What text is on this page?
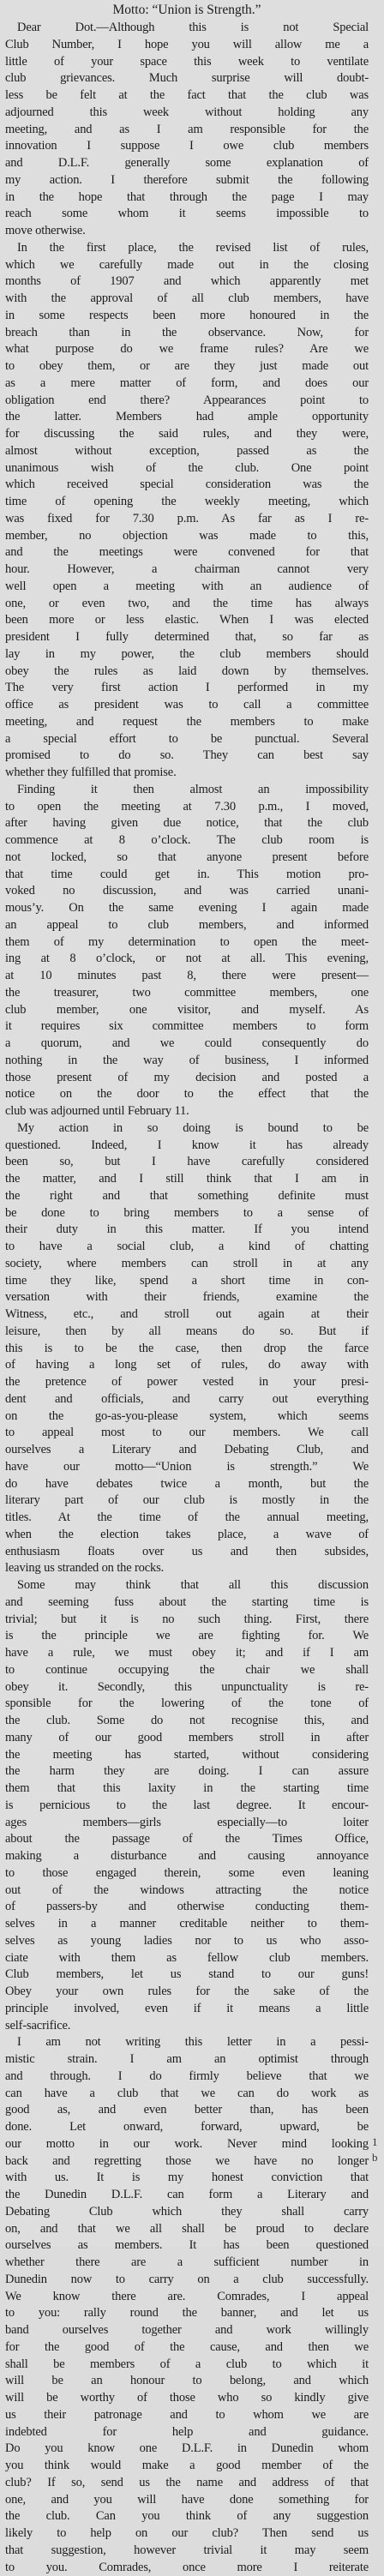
Motto: “Union is Strength.”
Dear Dot.—Although this is not Special
Club Number, I hope you will allow me a
little of your space this week to ventilate
club grievances. Much surprise will doubt-
less be felt at the fact that the club was
adjourned this week without holding any
meeting, and as I am responsible for the
innovation I suppose I owe club members
and D.L.F. generally some explanation of
my action. I therefore submit the following
in the hope that through the page I may
reach some whom it seems impossible to
move otherwise.
In the first place, the revised list of rules,
which we carefully made out in the closing
months of 1907 and which apparently met
with the approval of all club members, have
in some respects been more honoured in the
breach than in the observance. Now, for
what purpose do we frame rules? Are we
to obey them, or are they just made out
as a mere matter of form, and does our
obligation end there? Appearances point to
the latter. Members had ample opportunity
for discussing the said rules, and they were,
almost without exception, passed as the
unanimous wish of the club. One point
which received special consideration was the
time of opening the weekly meeting, which
was fixed for 7.30 p.m. As far as I re-
member, no objection was made to this,
and the meetings were convened for that
hour. However, a chairman cannot very
well open a meeting with an audience of
one, or even two, and the time has always
been more or less elastic. When I was elected
president I fully determined that, so far as
lay in my power, the club members should
obey the rules as laid down by themselves.
The very first action I performed in my
office as president was to call a committee
meeting, and request the members to make
a special effort to be punctual. Several
promised to do so. They can best say
whether they fulfilled that promise.
Finding it then almost an impossibility
to open the meeting at 7.30 p.m., I moved,
after having given due notice, that the club
commence at 8 o’clock. The club room is
not locked, so that anyone present before
that time could get in. This motion pro-
voked no discussion, and was carried unani-
mous’y. On the same evening I again made
an appeal to club members, and informed
them of my determination to open the meet-
ing at 8 o’clock, or not at all. This evening,
at 10 minutes past 8, there were present—
the treasurer, two committee members, one
club member, one visitor, and myself. As
it requires six committee members to form
a quorum, and we could consequently do
nothing in the way of business, I informed
those present of my decision and posted a
notice on the door to the effect that the
club was adjourned until February 11.
My action in so doing is bound to be
questioned. Indeed, I know it has already
been so, but I have carefully considered
the matter, and I still think that I am in
the right and that something definite must
be done to bring members to a sense of
their duty in this matter. If you intend
to have a social club, a kind of chatting
society, where members can stroll in at any
time they like, spend a short time in con-
versation with their friends, examine the
Witness, etc., and stroll out again at their
leisure, then by all means do so. But if
this is to be the case, then drop the farce
of having a long set of rules, do away with
the pretence of power vested in your presi-
dent and officials, and carry out everything
on the go-as-you-please system, which seems
to appeal most to our members. We call
ourselves a Literary and Debating Club, and
have our motto—“Union is strength.” We
do have debates twice a month, but the
literary part of our club is mostly in the
titles. At the time of the annual meeting,
when the election takes place, a wave of
enthusiasm floats over us and then subsides,
leaving us stranded on the rocks.
Some may think that all this discussion
and seeming fuss about the starting time is
trivial; but it is no such thing. First, there
is the principle we are fighting for. We
have a rule, we must obey it; and if I am
to continue occupying the chair we shall
obey it. Secondly, this unpunctuality is re-
sponsible for the lowering of the tone of
the club. Some do not recognise this, and
many of our good members stroll in after
the meeting has started, without considering
the harm they are doing. I can assure
them that this laxity in the starting time
is pernicious to the last degree. It encour-
ages members—girls especially—to loiter
about the passage of the Times Office,
making a disturbance and causing annoyance
to those engaged therein, some even leaning
out of the windows attracting the notice
of passers-by and otherwise conducting them-
selves in a manner creditable neither to them-
selves as young ladies nor to us who asso-
ciate with them as fellow club members.
Club members, let us stand to our guns!
Obey your own rules for the sake of the
principle involved, even if it means a little
self-sacrifice.
I am not writing this letter in a pessi-
mistic strain. I am an optimist through
and through. I do firmly believe that we
can have a club that we can do work as
good as, and even better than, has been
done. Let onward, forward, upward, be
our motto in our work. Never mind looking
back and regretting those we have no longer
with us. It is my honest conviction that
the Dunedin D.L.F. can form a Literary and
Debating Club which they shall carry
on, and that we all shall be proud to declare
ourselves as members. It has been questioned
whether there are a sufficient number in
Dunedin now to carry on a club successfully.
We know there are. Comrades, I appeal
to you: rally round the banner, and let us
band ourselves together and work willingly
for the good of the cause, and then we
shall be members of a club to which it
will be an honour to belong, and which
will be worthy of those who so kindly give
us their patronage and to whom we are
indebted for help and guidance.
Do you know one D.L.F. in Dunedin whom
you think would make a good member of the
club? If so, send us the name and address of that
one, and you will have done something for
the club. Can you think of any suggestion
likely to help on our club? Then send us
that suggestion, however trivial it may seem
to you. Comrades, once more I reiterate
1
b
